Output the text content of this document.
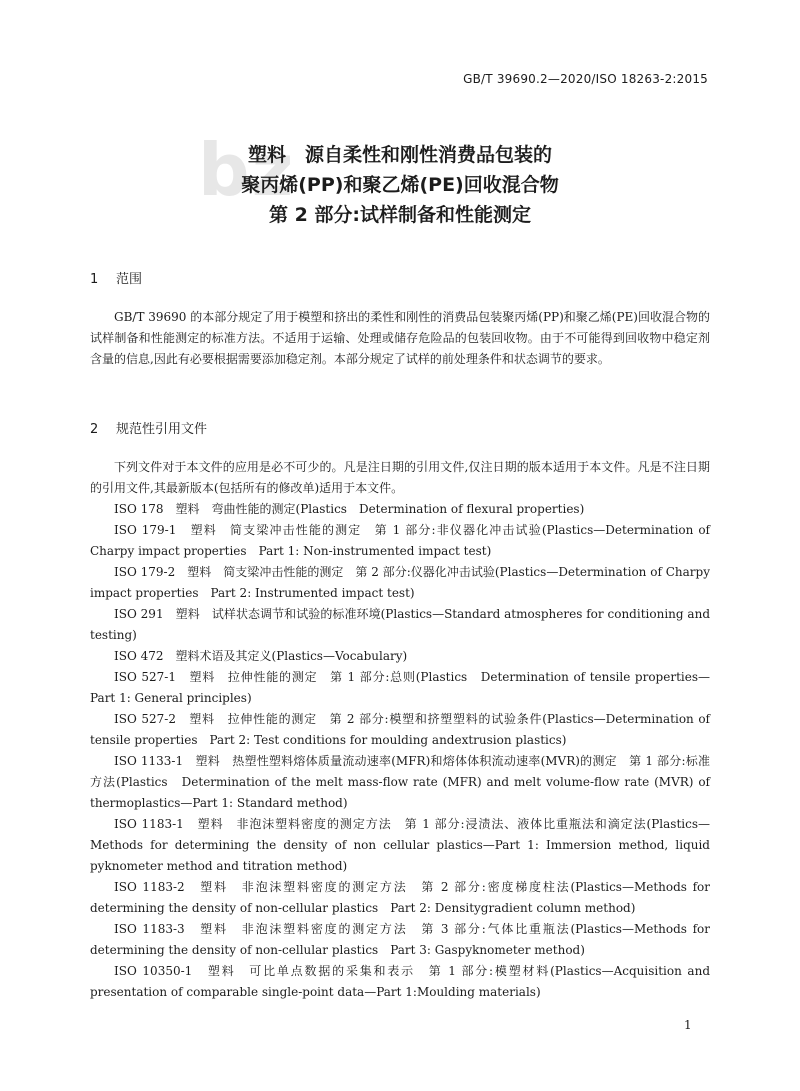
GB/T 39690.2—2020/ISO 18263-2:2015
bz
塑料　源自柔性和刚性消费品包装的
聚丙烯(PP)和聚乙烯(PE)回收混合物
第 2 部分:试样制备和性能测定
1 范围

GB/T 39690 的本部分规定了用于模塑和挤出的柔性和刚性的消费品包装聚丙烯(PP)和聚乙烯(PE)回收混合物的试样制备和性能测定的标准方法。不适用于运输、处理或储存危险品的包装回收物。由于不可能得到回收物中稳定剂含量的信息,因此有必要根据需要添加稳定剂。本部分规定了试样的前处理条件和状态调节的要求。

2 规范性引用文件

下列文件对于本文件的应用是必不可少的。凡是注日期的引用文件,仅注日期的版本适用于本文件。凡是不注日期的引用文件,其最新版本(包括所有的修改单)适用于本文件。

ISO 178　塑料　弯曲性能的测定(Plastics　Determination of flexural properties)
ISO 179-1　塑料　简支梁冲击性能的测定　第 1 部分:非仪器化冲击试验(Plastics—Determination of Charpy impact properties　Part 1: Non-instrumented impact test)
ISO 179-2　塑料　简支梁冲击性能的测定　第 2 部分:仪器化冲击试验(Plastics—Determination of Charpy impact properties　Part 2: Instrumented impact test)
ISO 291　塑料　试样状态调节和试验的标准环境(Plastics—Standard atmospheres for conditioning and testing)
ISO 472　塑料术语及其定义(Plastics—Vocabulary)
ISO 527-1　塑料　拉伸性能的测定　第 1 部分:总则(Plastics　Determination of tensile properties—Part 1: General principles)
ISO 527-2　塑料　拉伸性能的测定　第 2 部分:模塑和挤塑塑料的试验条件(Plastics—Determination of tensile properties　Part 2: Test conditions for moulding andextrusion plastics)
ISO 1133-1　塑料　热塑性塑料熔体质量流动速率(MFR)和熔体体积流动速率(MVR)的测定　第 1 部分:标准方法(Plastics　Determination of the melt mass-flow rate (MFR) and melt volume-flow rate (MVR) of thermoplastics—Part 1: Standard method)
ISO 1183-1　塑料　非泡沫塑料密度的测定方法　第 1 部分:浸渍法、液体比重瓶法和滴定法(Plastics—Methods for determining the density of non cellular plastics—Part 1: Immersion method, liquid pyknometer method and titration method)
ISO 1183-2　塑料　非泡沫塑料密度的测定方法　第 2 部分:密度梯度柱法(Plastics—Methods for determining the density of non-cellular plastics　Part 2: Densitygradient column method)
ISO 1183-3　塑料　非泡沫塑料密度的测定方法　第 3 部分:气体比重瓶法(Plastics—Methods for determining the density of non-cellular plastics　Part 3: Gaspyknometer method)
ISO 10350-1　塑料　可比单点数据的采集和表示　第 1 部分:模塑材料(Plastics—Acquisition and presentation of comparable single-point data—Part 1:Moulding materials)
1
